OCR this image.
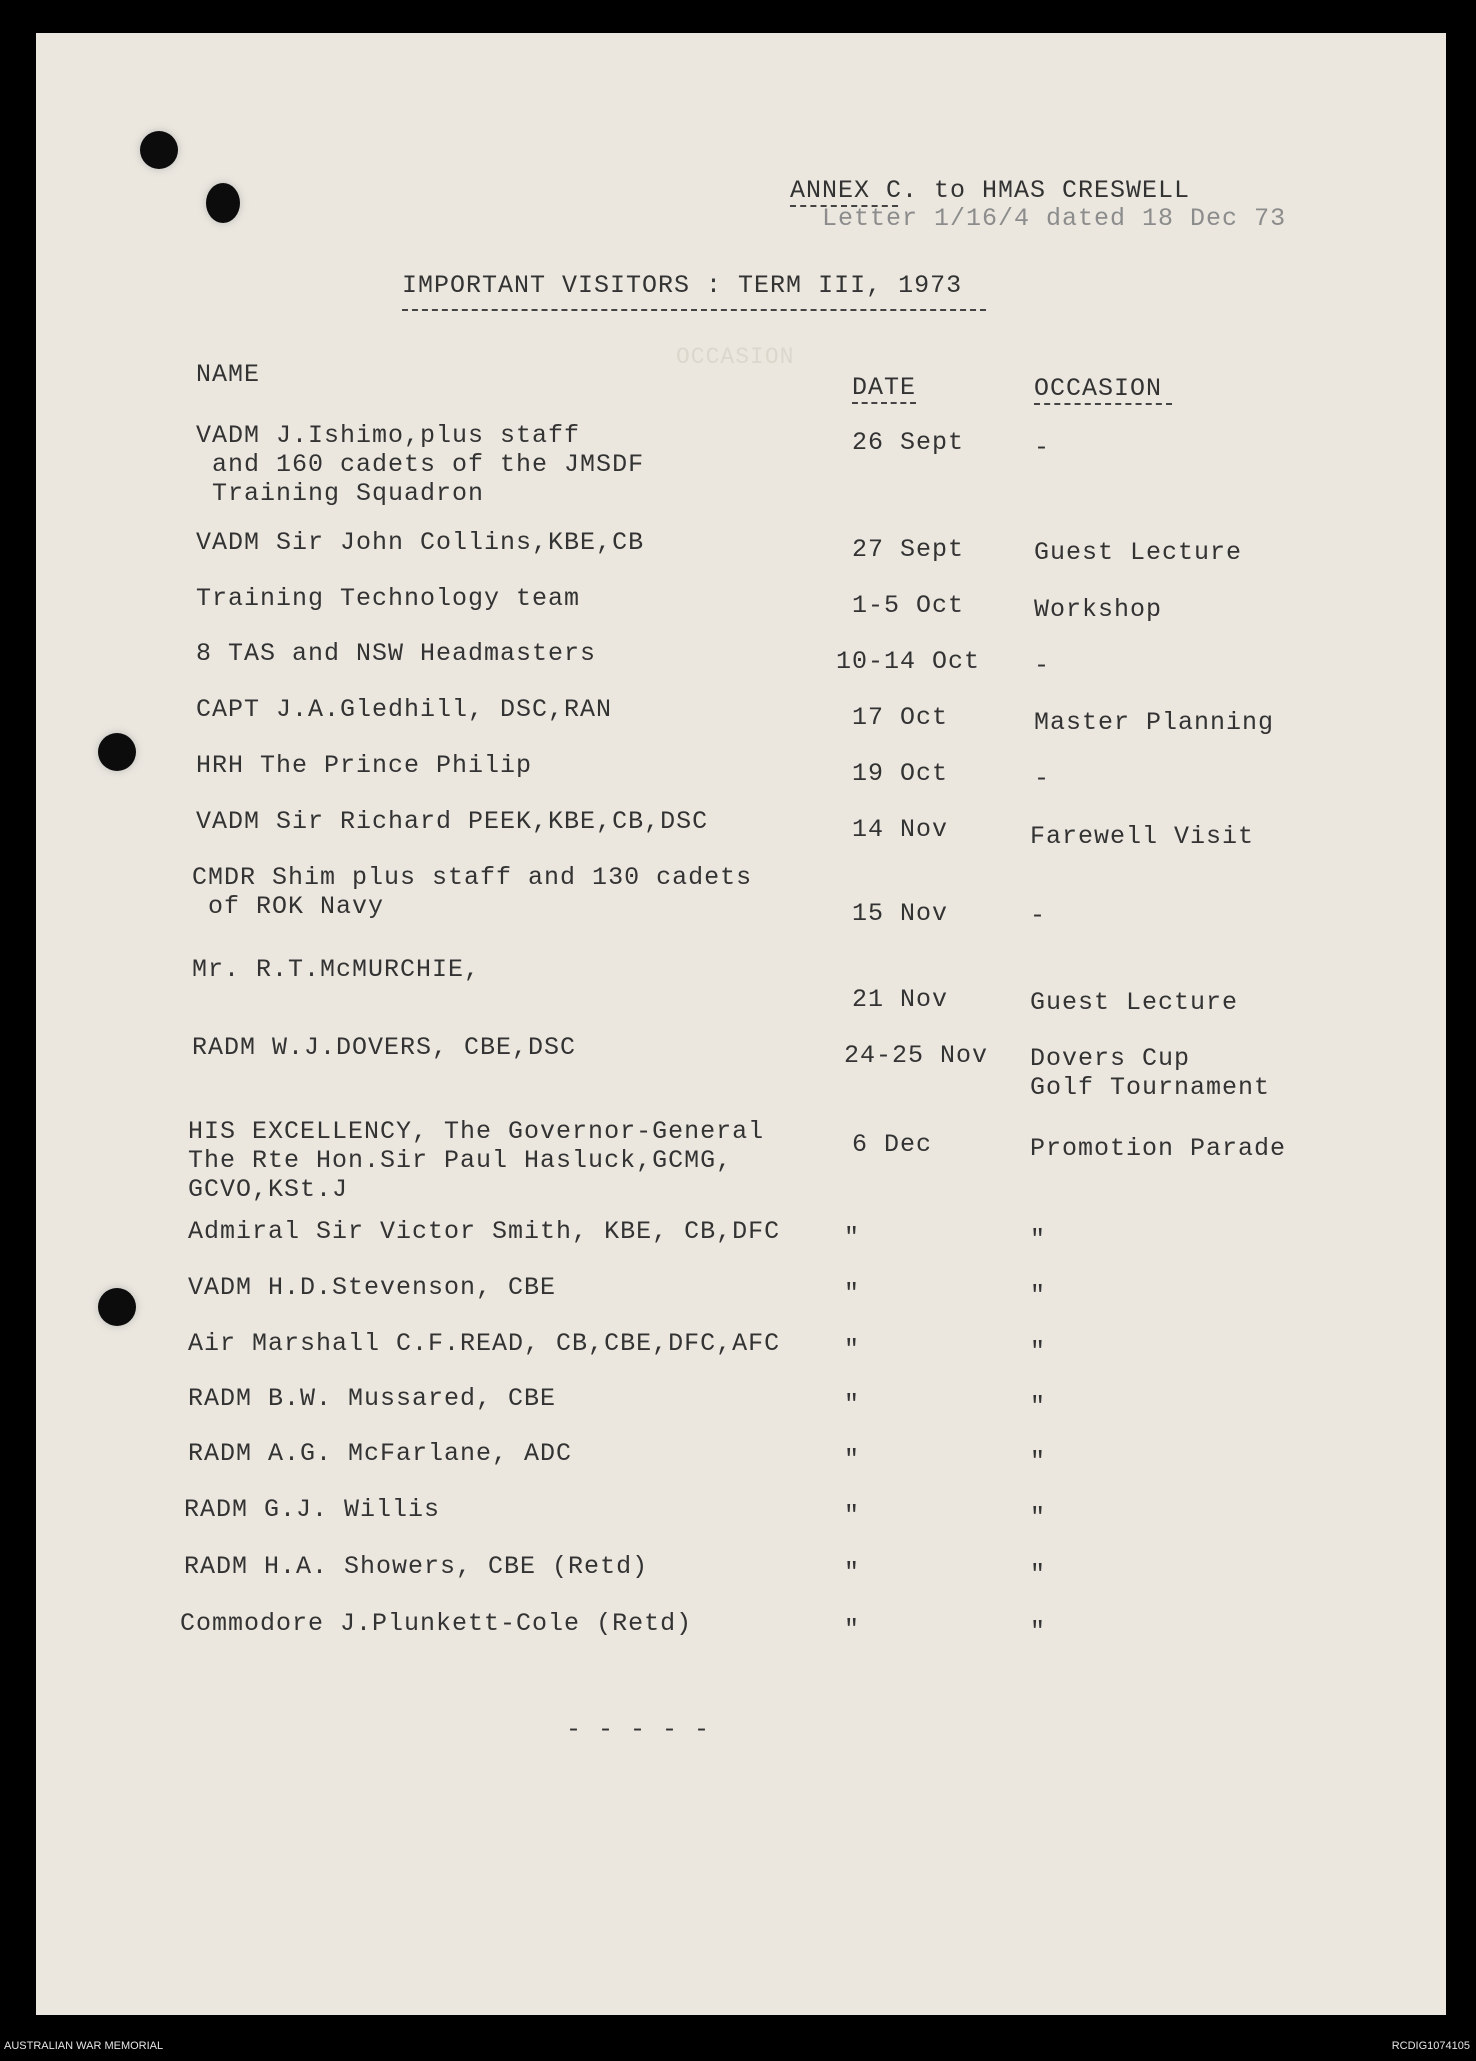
ANNEX C. to HMAS CRESWELL
Letter 1/16/4 dated 18 Dec 73
IMPORTANT VISITORS : TERM III, 1973
OCCASION
NAME	DATE	OCCASION
VADM J.Ishimo,plus staff
and 160 cadets of the JMSDF
Training Squadron
26 Sept	-
VADM Sir John Collins,KBE,CB	27 Sept	Guest Lecture
Training Technology team	1-5 Oct	Workshop
8 TAS and NSW Headmasters	10-14 Oct -
CAPT J.A.Gledhill, DSC,RAN	17 Oct	Master Planning
HRH The Prince Philip	19 Oct	-
VADM Sir Richard PEEK,KBE,CB,DSC	14 Nov	Farewell Visit
CMDR Shim plus staff and 130 cadets
of ROK Navy	15 Nov	-
Mr. R.T.McMURCHIE,
21 Nov	Guest Lecture
RADM W.J.DOVERS, CBE,DSC	24-25 Nov Dovers Cup
Golf Tournament
HIS EXCELLENCY, The Governor-General
The Rte Hon.Sir Paul Hasluck,GCMG,
GCVO,KSt.J
6 Dec	Promotion Parade
Admiral Sir Victor Smith, KBE, CB,DFC	"	"
VADM H.D.Stevenson, CBE	"	"
Air Marshall C.F.READ, CB,CBE,DFC,AFC	"	"
RADM B.W. Mussared, CBE	"	"
RADM A.G. McFarlane, ADC	"	"
RADM G.J. Willis	"	"
RADM H.A. Showers, CBE (Retd)	"	"
Commodore J.Plunkett-Cole (Retd)	"	"
- - - - -
AUSTRALIAN WAR MEMORIAL	RCDIG1074105
